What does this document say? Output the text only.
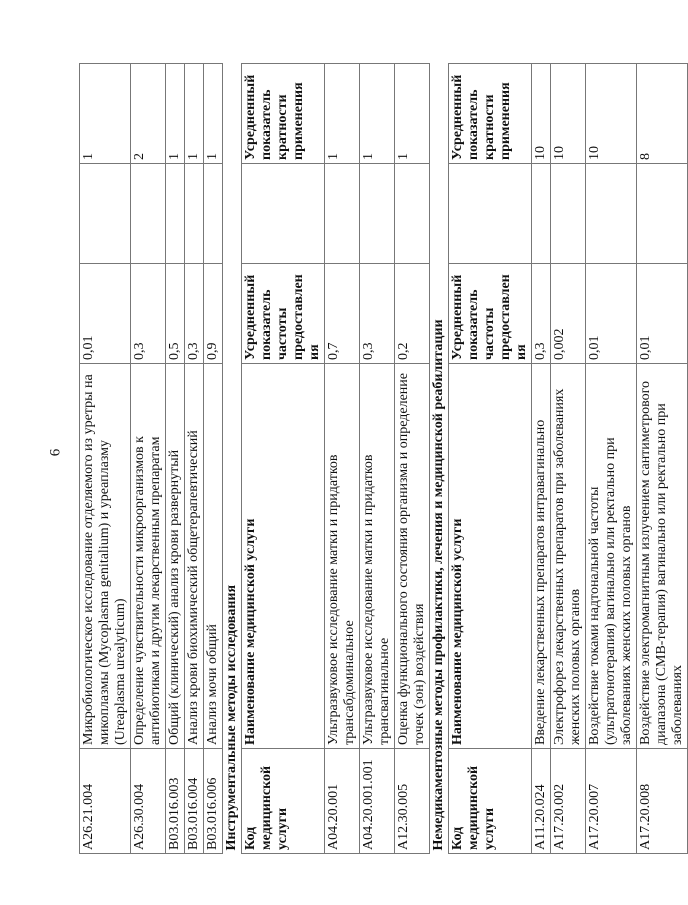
6
A26.21.004	Микробиологическое исследование отделяемого из уретры на микоплазмы (Mycoplasma genitalium) и уреаплазму (Ureaplasma urealyticum)	0,01		1
A26.30.004	Определение чувствительности микроорганизмов к антибиотикам и другим лекарственным препаратам	0,3		2
B03.016.003	Общий (клинический) анализ крови развернутый	0,5		1
B03.016.004	Анализ крови биохимический общетерапевтический	0,3		1
B03.016.006	Анализ мочи общий	0,9		1
Инструментальные методы исследования				
Код медицинской услуги	Наименование медицинской услуги	Усредненный показатель частоты предоставления		Усредненный показатель кратности применения
A04.20.001	Ультразвуковое исследование матки и придатков трансабдоминальное	0,7		1
A04.20.001.001	Ультразвуковое исследование матки и придатков трансвагинальное	0,3		1
A12.30.005	Оценка функционального состояния организма и определение точек (зон) воздействия	0,2		1
Немедикаментозные методы профилактики, лечения и медицинской реабилитации				
Код медицинской услуги	Наименование медицинской услуги	Усредненный показатель частоты предоставления		Усредненный показатель кратности применения
A11.20.024	Введение лекарственных препаратов интравагинально	0,3		10
A17.20.002	Электрофорез лекарственных препаратов при заболеваниях женских половых органов	0,002		10
A17.20.007	Воздействие токами надтональной частоты (ультратонотерапия) вагинально или ректально при заболеваниях женских половых органов	0,01		10
A17.20.008	Воздействие электромагнитным излучением сантиметрового диапазона (СМВ-терапия) вагинально или ректально при заболеваниях	0,01		8
